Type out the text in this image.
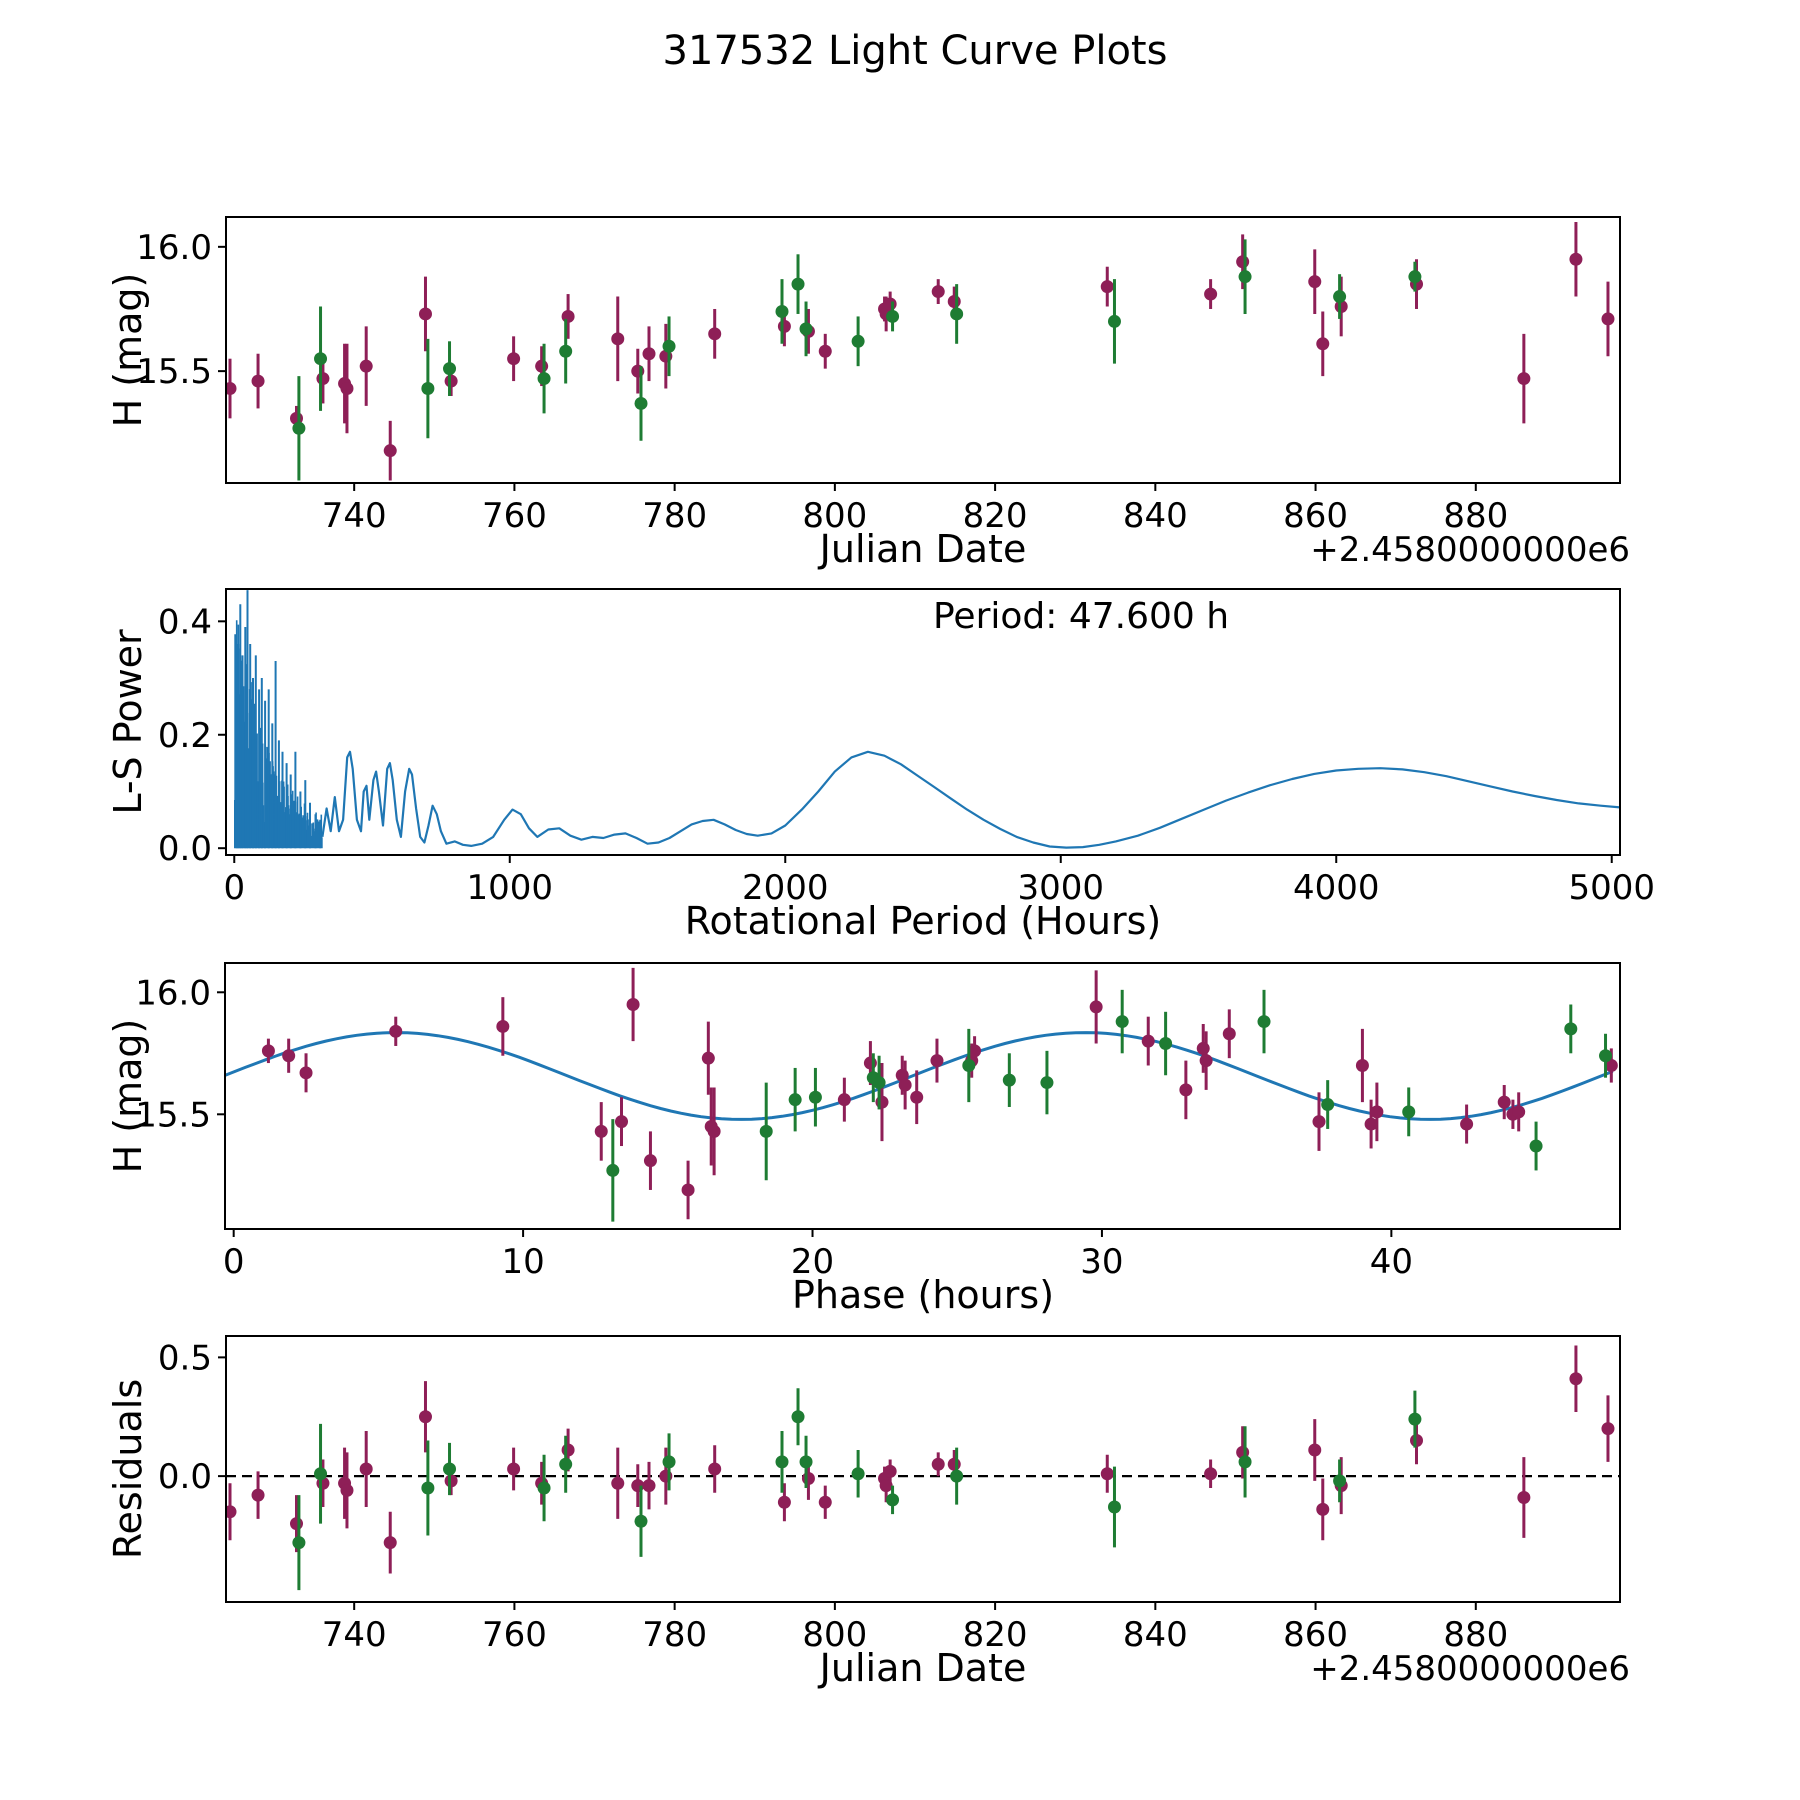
740	760	780	800	820	840	860	880
15.5
16.0
0	1000	2000	3000	4000	5000
0.0
0.2
0.4
0	10	20	30	40
15.5
16.0
740	760	780	800	820	840	860	880
0.0
0.5
317532 Light Curve Plots
H (mag)
Julian Date	+2.4580000000e6
L-S Power
Rotational Period (Hours)
Period: 47.600 h
H (mag)
Phase (hours)
Residuals
Julian Date	+2.4580000000e6
